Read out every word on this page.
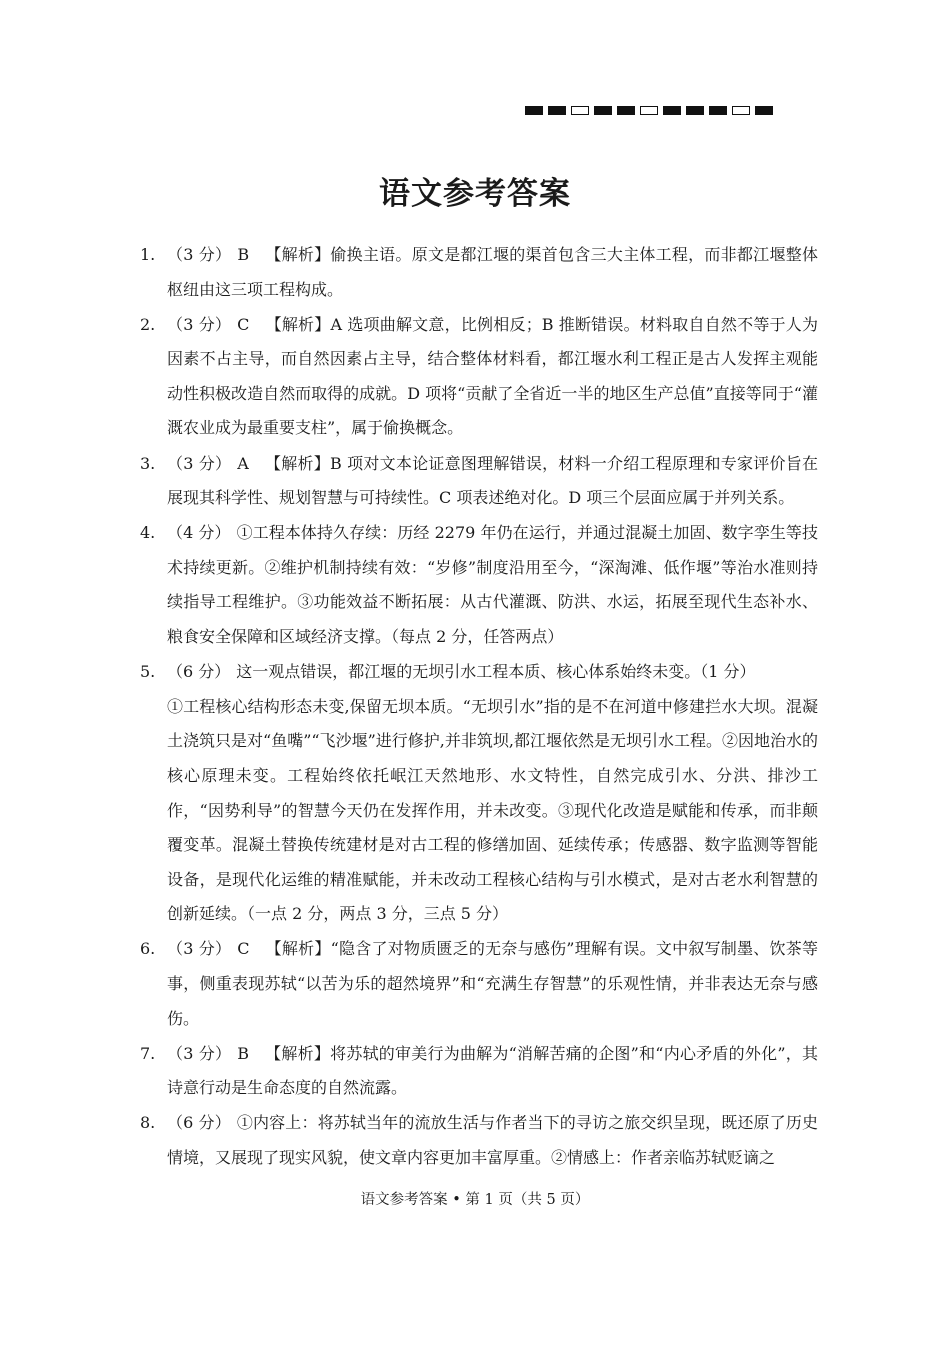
语文参考答案
1. （3 分） B 【解析】偷换主语。原文是都江堰的渠首包含三大主体工程，而非都江堰整体枢纽由这三项工程构成。
2. （3 分） C 【解析】A 选项曲解文意，比例相反；B 推断错误。材料取自自然不等于人为因素不占主导，而自然因素占主导，结合整体材料看，都江堰水利工程正是古人发挥主观能动性积极改造自然而取得的成就。D 项将“贡献了全省近一半的地区生产总值”直接等同于“灌溉农业成为最重要支柱”，属于偷换概念。
3. （3 分） A 【解析】B 项对文本论证意图理解错误，材料一介绍工程原理和专家评价旨在展现其科学性、规划智慧与可持续性。C 项表述绝对化。D 项三个层面应属于并列关系。
4. （4 分） ①工程本体持久存续：历经 2279 年仍在运行，并通过混凝土加固、数字孪生等技术持续更新。②维护机制持续有效：“岁修”制度沿用至今，“深淘滩、低作堰”等治水准则持续指导工程维护。③功能效益不断拓展：从古代灌溉、防洪、水运，拓展至现代生态补水、粮食安全保障和区域经济支撑。（每点 2 分，任答两点）
5. （6 分） 这一观点错误，都江堰的无坝引水工程本质、核心体系始终未变。（1 分）

①工程核心结构形态未变,保留无坝本质。“无坝引水”指的是不在河道中修建拦水大坝。混凝土浇筑只是对“鱼嘴”“飞沙堰”进行修护,并非筑坝,都江堰依然是无坝引水工程。②因地治水的核心原理未变。工程始终依托岷江天然地形、水文特性，自然完成引水、分洪、排沙工作，“因势利导”的智慧今天仍在发挥作用，并未改变。③现代化改造是赋能和传承，而非颠覆变革。混凝土替换传统建材是对古工程的修缮加固、延续传承；传感器、数字监测等智能设备，是现代化运维的精准赋能，并未改动工程核心结构与引水模式，是对古老水利智慧的创新延续。（一点 2 分，两点 3 分，三点 5 分）

6. （3 分） C 【解析】“隐含了对物质匮乏的无奈与感伤”理解有误。文中叙写制墨、饮茶等事，侧重表现苏轼“以苦为乐的超然境界”和“充满生存智慧”的乐观性情，并非表达无奈与感伤。
7. （3 分） B 【解析】将苏轼的审美行为曲解为“消解苦痛的企图”和“内心矛盾的外化”，其诗意行动是生命态度的自然流露。
8. （6 分） ①内容上：将苏轼当年的流放生活与作者当下的寻访之旅交织呈现，既还原了历史情境，又展现了现实风貌，使文章内容更加丰富厚重。②情感上：作者亲临苏轼贬谪之
语文参考答案 • 第 1 页（共 5 页）
